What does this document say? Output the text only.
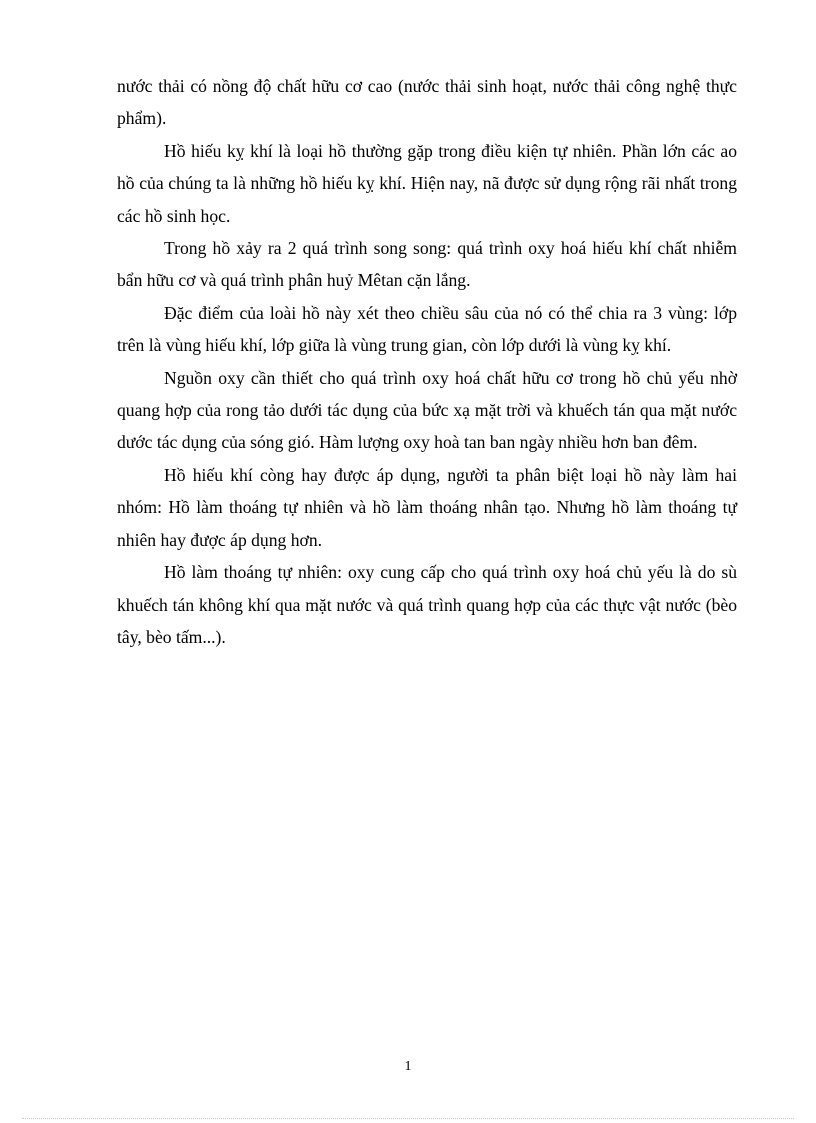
nước thải có nồng độ chất hữu cơ cao (nước thải sinh hoạt, nước thải công nghệ thực phẩm).

Hồ hiếu kỵ khí là loại hồ thường gặp trong điều kiện tự nhiên. Phần lớn các ao hồ của chúng ta là những hồ hiếu kỵ khí. Hiện nay, nã được sử dụng rộng rãi nhất trong các hồ sinh học.

Trong hồ xảy ra 2 quá trình song song: quá trình oxy hoá hiếu khí chất nhiễm bẩn hữu cơ và quá trình phân huỷ Mêtan cặn lắng.

Đặc điểm của loài hồ này xét theo chiều sâu của nó có thể chia ra 3 vùng: lớp trên là vùng hiếu khí, lớp giữa là vùng trung gian, còn lớp dưới là vùng kỵ khí.

Nguồn oxy cần thiết cho quá trình oxy hoá chất hữu cơ trong hồ chủ yếu nhờ quang hợp của rong tảo dưới tác dụng của bức xạ mặt trời và khuếch tán qua mặt nước dước tác dụng của sóng gió. Hàm lượng oxy hoà tan ban ngày nhiều hơn ban đêm.

Hồ hiếu khí còng hay được áp dụng, người ta phân biệt loại hồ này làm hai nhóm: Hồ làm thoáng tự nhiên và hồ làm thoáng nhân tạo. Nhưng hồ làm thoáng tự nhiên hay được áp dụng hơn.

Hồ làm thoáng tự nhiên: oxy cung cấp cho quá trình oxy hoá chủ yếu là do sù khuếch tán không khí qua mặt nước và quá trình quang hợp của các thực vật nước (bèo tây, bèo tấm...).

1
